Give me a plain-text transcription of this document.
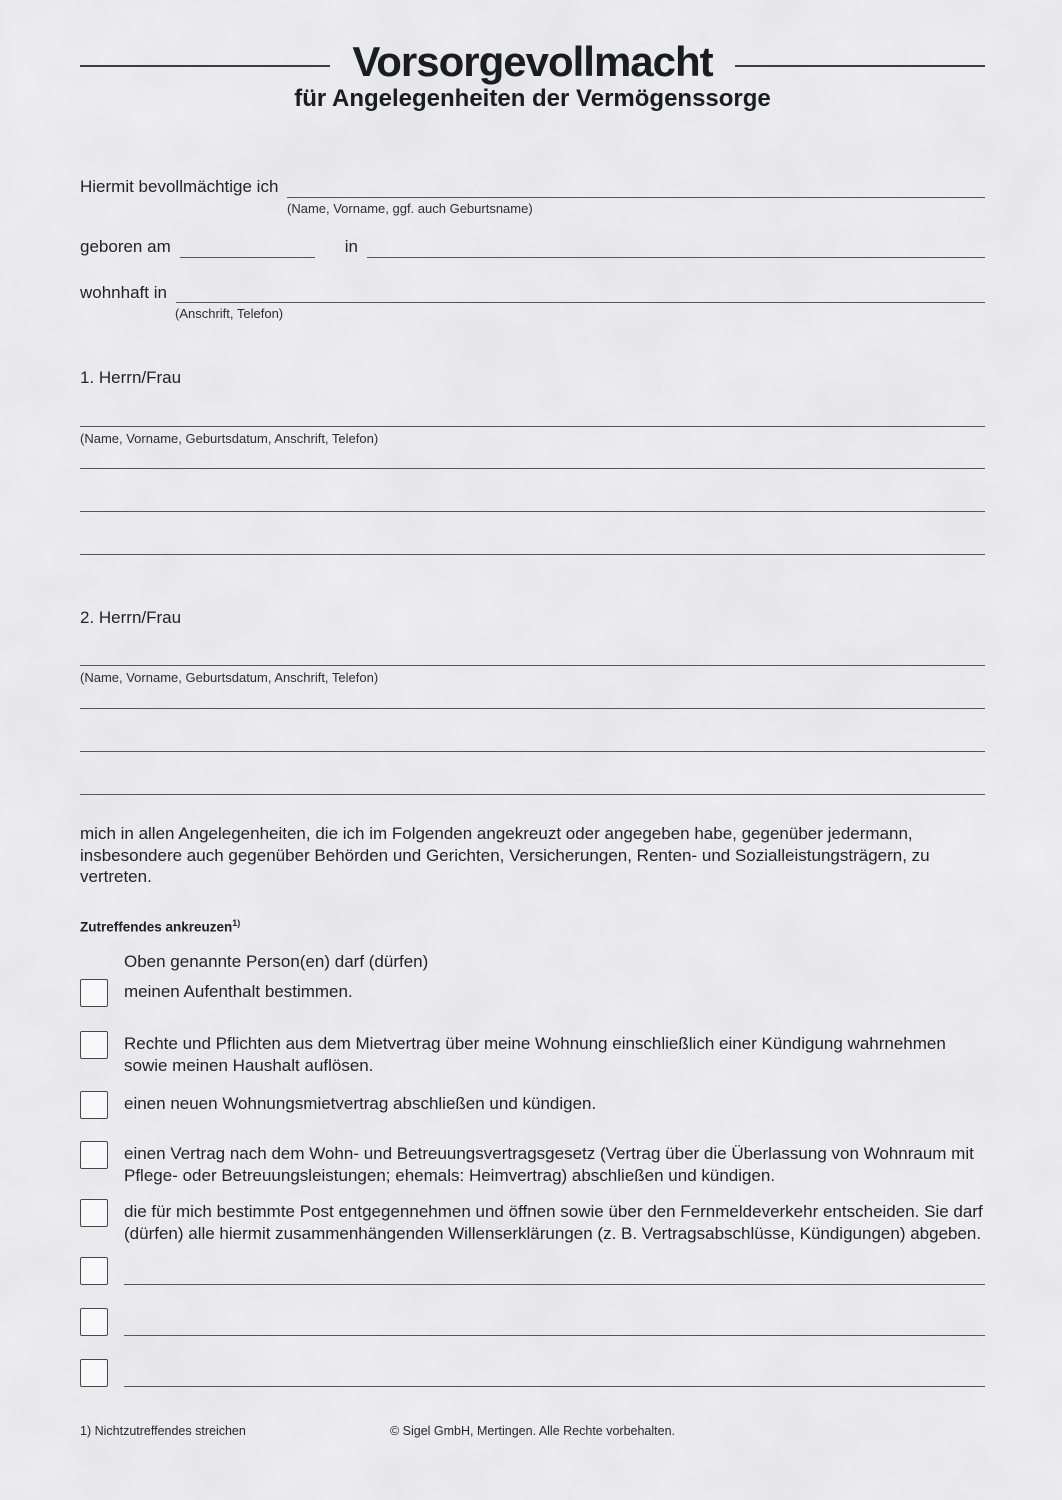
Vorsorgevollmacht
für Angelegenheiten der Vermögenssorge
Hiermit bevollmächtige ich
(Name, Vorname, ggf. auch Geburtsname)
geboren am	in
wohnhaft in
(Anschrift, Telefon)
1. Herrn/Frau
(Name, Vorname, Geburtsdatum, Anschrift, Telefon)
2. Herrn/Frau
(Name, Vorname, Geburtsdatum, Anschrift, Telefon)

mich in allen Angelegenheiten, die ich im Folgenden angekreuzt oder angegeben habe, gegenüber jedermann, insbesondere auch gegenüber Behörden und Gerichten, Versicherungen, Renten- und Sozialleistungsträgern, zu vertreten.

Zutreffendes ankreuzen$^{1)}$
Oben genannte Person(en) darf (dürfen)
meinen Aufenthalt bestimmen.
Rechte und Pflichten aus dem Mietvertrag über meine Wohnung einschließlich einer Kündigung wahrnehmen sowie meinen Haushalt auflösen.
einen neuen Wohnungsmietvertrag abschließen und kündigen.
einen Vertrag nach dem Wohn- und Betreuungsvertragsgesetz (Vertrag über die Überlassung von Wohnraum mit Pflege- oder Betreuungsleistungen; ehemals: Heimvertrag) abschließen und kündigen.
die für mich bestimmte Post entgegennehmen und öffnen sowie über den Fernmeldeverkehr entscheiden. Sie darf (dürfen) alle hiermit zusammenhängenden Willenserklärungen (z. B. Vertragsabschlüsse, Kündigungen) abgeben.
1) Nichtzutreffendes streichen	© Sigel GmbH, Mertingen. Alle Rechte vorbehalten.
